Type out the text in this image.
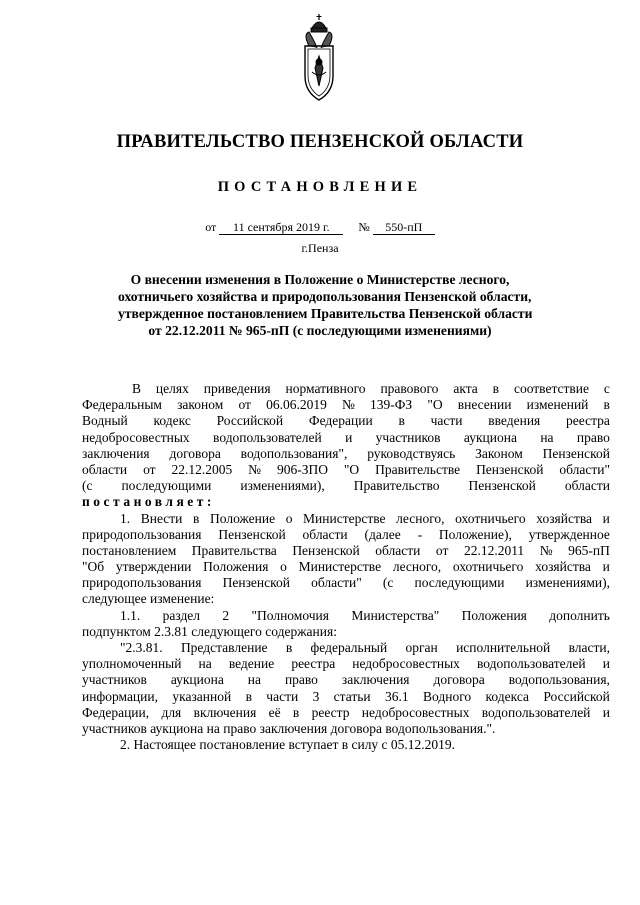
ПРАВИТЕЛЬСТВО ПЕНЗЕНСКОЙ ОБЛАСТИ
ПОСТАНОВЛЕНИЕ
от 11 сентября 2019 г. № 550-пП
г.Пенза
О внесении изменения в Положение о Министерстве лесного,
охотничьего хозяйства и природопользования Пензенской области,
утвержденное постановлением Правительства Пензенской области
от 22.12.2011 № 965-пП (с последующими изменениями)
В целях приведения нормативного правового акта в соответствие с
Федеральным законом от 06.06.2019 № 139-ФЗ "О внесении изменений в
Водный кодекс Российской Федерации в части введения реестра
недобросовестных водопользователей и участников аукциона на право
заключения договора водопользования", руководствуясь Законом Пензенской
области от 22.12.2005 № 906-ЗПО "О Правительстве Пензенской области"
(с последующими изменениями), Правительство Пензенской области
постановляет:
1. Внести в Положение о Министерстве лесного, охотничьего хозяйства и
природопользования Пензенской области (далее - Положение), утвержденное
постановлением Правительства Пензенской области от 22.12.2011 № 965-пП
"Об утверждении Положения о Министерстве лесного, охотничьего хозяйства и
природопользования Пензенской области" (с последующими изменениями),
следующее изменение:
1.1. раздел 2 "Полномочия Министерства" Положения дополнить
подпунктом 2.3.81 следующего содержания:
"2.3.81. Представление в федеральный орган исполнительной власти,
уполномоченный на ведение реестра недобросовестных водопользователей и
участников аукциона на право заключения договора водопользования,
информации, указанной в части 3 статьи 36.1 Водного кодекса Российской
Федерации, для включения её в реестр недобросовестных водопользователей и
участников аукциона на право заключения договора водопользования.".
2. Настоящее постановление вступает в силу с 05.12.2019.
